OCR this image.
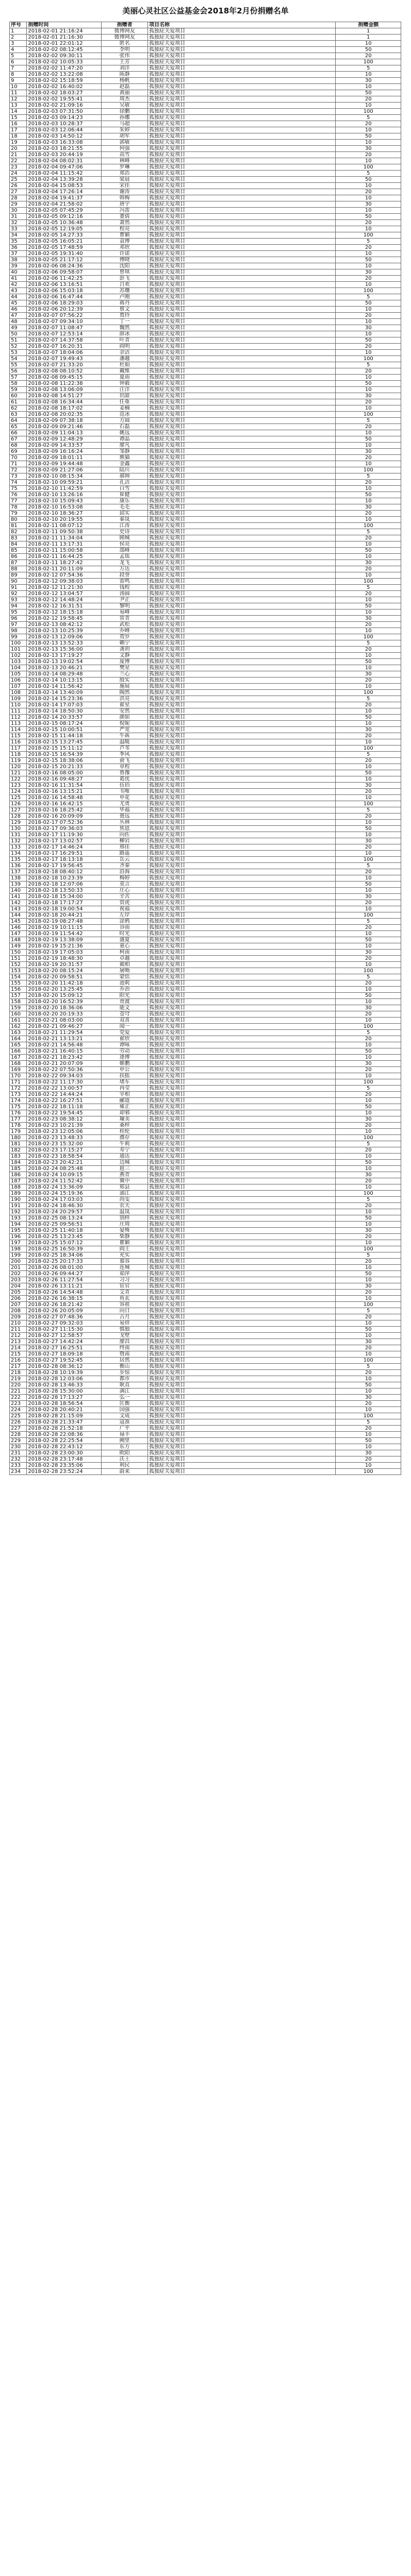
美丽心灵社区公益基金会2018年2月份捐赠名单
序号	捐赠时间	捐赠者	项目名称	捐赠金额
1	2018-02-01 21:16:24	微博网友	孤独症关爱项目	1
2	2018-02-01 21:16:30	微博网友	孤独症关爱项目	1
3	2018-02-01 22:01:12	匿名	孤独症关爱项目	10
4	2018-02-02 08:12:45	李明	孤独症关爱项目	50
5	2018-02-02 09:30:11	张伟	孤独症关爱项目	20
6	2018-02-02 10:05:33	王芳	孤独症关爱项目	100
7	2018-02-02 11:47:20	刘洋	孤独症关爱项目	5
8	2018-02-02 13:22:08	陈静	孤独症关爱项目	10
9	2018-02-02 15:18:59	杨帆	孤独症关爱项目	30
10	2018-02-02 16:40:02	赵磊	孤独症关爱项目	10
11	2018-02-02 18:03:27	黄丽	孤独症关爱项目	50
12	2018-02-02 19:55:41	周杰	孤独症关爱项目	20
13	2018-02-02 21:09:16	吴敏	孤独症关爱项目	10
14	2018-02-03 07:31:50	徐鹏	孤独症关爱项目	100
15	2018-02-03 09:14:23	孙娜	孤独症关爱项目	5
16	2018-02-03 10:28:37	马超	孤独症关爱项目	20
17	2018-02-03 12:06:44	朱婷	孤独症关爱项目	10
18	2018-02-03 14:50:12	胡军	孤独症关爱项目	50
19	2018-02-03 16:33:08	郭敏	孤独症关爱项目	10
20	2018-02-03 18:21:55	何强	孤独症关爱项目	30
21	2018-02-03 20:44:19	高雪	孤独症关爱项目	20
22	2018-02-04 08:02:31	林峰	孤独症关爱项目	10
23	2018-02-04 09:47:06	罗琳	孤独症关爱项目	100
24	2018-02-04 11:15:42	郑浩	孤独症关爱项目	5
25	2018-02-04 13:39:28	梁晨	孤独症关爱项目	50
26	2018-02-04 15:08:53	宋佳	孤独症关爱项目	10
27	2018-02-04 17:26:14	谢涛	孤独症关爱项目	20
28	2018-02-04 19:41:37	韩梅	孤独症关爱项目	10
29	2018-02-04 21:58:02	唐宇	孤独症关爱项目	30
30	2018-02-05 07:45:29	冯雷	孤独症关爱项目	10
31	2018-02-05 09:12:16	董倩	孤独症关爱项目	50
32	2018-02-05 10:36:48	萧然	孤独症关爱项目	20
33	2018-02-05 12:19:05	程亮	孤独症关爱项目	10
34	2018-02-05 14:27:33	曹颖	孤独症关爱项目	100
35	2018-02-05 16:05:21	袁博	孤独症关爱项目	5
36	2018-02-05 17:48:59	邓欣	孤独症关爱项目	20
37	2018-02-05 19:31:40	许诺	孤独症关爱项目	10
38	2018-02-05 21:17:12	傅晓	孤独症关爱项目	50
39	2018-02-06 08:24:36	沈阳	孤独症关爱项目	10
40	2018-02-06 09:58:07	曾琪	孤独症关爱项目	30
41	2018-02-06 11:42:25	彭飞	孤独症关爱项目	20
42	2018-02-06 13:16:51	吕欢	孤独症关爱项目	10
43	2018-02-06 15:03:18	苏珊	孤独症关爱项目	100
44	2018-02-06 16:47:44	卢刚	孤独症关爱项目	5
45	2018-02-06 18:29:03	蒋丹	孤独症关爱项目	50
46	2018-02-06 20:12:39	蔡文	孤独症关爱项目	10
47	2018-02-07 07:56:22	贾玲	孤独症关爱项目	20
48	2018-02-07 09:34:10	丁一	孤独症关爱项目	10
49	2018-02-07 11:08:47	魏然	孤独症关爱项目	30
50	2018-02-07 12:53:14	薛冰	孤独症关爱项目	10
51	2018-02-07 14:37:58	叶青	孤独症关爱项目	50
52	2018-02-07 16:20:31	阎明	孤独症关爱项目	20
53	2018-02-07 18:04:06	余洁	孤独症关爱项目	10
54	2018-02-07 19:49:43	潘越	孤独症关爱项目	100
55	2018-02-07 21:33:20	杜娟	孤独症关爱项目	5
56	2018-02-08 08:10:52	戴维	孤独症关爱项目	20
57	2018-02-08 09:45:15	夏雨	孤独症关爱项目	10
58	2018-02-08 11:22:38	钟毅	孤独症关爱项目	50
59	2018-02-08 13:06:09	汪洋	孤独症关爱项目	10
60	2018-02-08 14:51:27	田甜	孤独症关爱项目	30
61	2018-02-08 16:34:44	任重	孤独症关爱项目	20
62	2018-02-08 18:17:02	姜楠	孤独症关爱项目	10
63	2018-02-08 20:02:35	范冰	孤独症关爱项目	100
64	2018-02-09 07:38:18	方圆	孤独症关爱项目	5
65	2018-02-09 09:21:46	石磊	孤独症关爱项目	20
66	2018-02-09 11:04:13	姚远	孤独症关爱项目	10
67	2018-02-09 12:48:29	谭晶	孤独症关爱项目	50
68	2018-02-09 14:33:57	廖凡	孤独症关爱项目	10
69	2018-02-09 16:16:24	邹静	孤独症关爱项目	30
70	2018-02-09 18:01:11	熊猫	孤独症关爱项目	20
71	2018-02-09 19:44:48	金鑫	孤独症关爱项目	10
72	2018-02-09 21:27:06	陆川	孤独症关爱项目	100
73	2018-02-10 08:15:34	郝帅	孤独症关爱项目	5
74	2018-02-10 09:59:21	孔洁	孤独症关爱项目	20
75	2018-02-10 11:42:59	白雪	孤独症关爱项目	10
76	2018-02-10 13:26:16	崔健	孤独症关爱项目	50
77	2018-02-10 15:09:43	康乐	孤独症关爱项目	10
78	2018-02-10 16:53:08	毛毛	孤独症关爱项目	30
79	2018-02-10 18:36:27	邱实	孤独症关爱项目	20
80	2018-02-10 20:19:55	秦岚	孤独症关爱项目	10
81	2018-02-11 08:07:12	江涛	孤独症关爱项目	100
82	2018-02-11 09:50:38	史诗	孤独症关爱项目	5
83	2018-02-11 11:34:04	顾城	孤独症关爱项目	20
84	2018-02-11 13:17:31	侯亮	孤独症关爱项目	10
85	2018-02-11 15:00:58	邵峰	孤独症关爱项目	50
86	2018-02-11 16:44:25	孟瑶	孤独症关爱项目	10
87	2018-02-11 18:27:42	龙飞	孤独症关爱项目	30
88	2018-02-11 20:11:09	万达	孤独症关爱项目	20
89	2018-02-12 07:54:36	段誉	孤独症关爱项目	10
90	2018-02-12 09:38:03	雷鸣	孤独症关爱项目	100
91	2018-02-12 11:21:30	钱程	孤独症关爱项目	5
92	2018-02-12 13:04:57	汤圆	孤独症关爱项目	20
93	2018-02-12 14:48:24	尹正	孤独症关爱项目	10
94	2018-02-12 16:31:51	黎明	孤独症关爱项目	50
95	2018-02-12 18:15:18	易峰	孤独症关爱项目	10
96	2018-02-12 19:58:45	常青	孤独症关爱项目	30
97	2018-02-13 08:42:12	武松	孤独症关爱项目	20
98	2018-02-13 10:25:39	乔峰	孤独症关爱项目	10
99	2018-02-13 12:09:06	贺岁	孤独症关爱项目	100
100	2018-02-13 13:52:33	赖宁	孤独症关爱项目	5
101	2018-02-13 15:36:00	龚玥	孤独症关爱项目	20
102	2018-02-13 17:19:27	文静	孤独症关爱项目	10
103	2018-02-13 19:02:54	庞博	孤独症关爱项目	50
104	2018-02-13 20:46:21	樊星	孤独症关爱项目	10
105	2018-02-14 08:29:48	兰心	孤独症关爱项目	30
106	2018-02-14 10:13:15	殷实	孤独症关爱项目	20
107	2018-02-14 11:56:42	施展	孤独症关爱项目	10
108	2018-02-14 13:40:09	陶然	孤独症关爱项目	100
109	2018-02-14 15:23:36	洪亮	孤独症关爱项目	5
110	2018-02-14 17:07:03	翟星	孤独症关爱项目	20
111	2018-02-14 18:50:30	安然	孤独症关爱项目	10
112	2018-02-14 20:33:57	颜如	孤独症关爱项目	50
113	2018-02-15 08:17:24	倪妮	孤独症关爱项目	10
114	2018-02-15 10:00:51	严宽	孤独症关爱项目	30
115	2018-02-15 11:44:18	牛犇	孤独症关爱项目	20
116	2018-02-15 13:27:45	温暖	孤独症关爱项目	10
117	2018-02-15 15:11:12	芦苇	孤独症关爱项目	100
118	2018-02-15 16:54:39	季风	孤独症关爱项目	5
119	2018-02-15 18:38:06	俞飞	孤独症关爱项目	20
120	2018-02-15 20:21:33	章程	孤独症关爱项目	10
121	2018-02-16 08:05:00	鲁豫	孤独症关爱项目	50
122	2018-02-16 09:48:27	葛优	孤独症关爱项目	10
123	2018-02-16 11:31:54	伍佰	孤独症关爱项目	30
124	2018-02-16 13:15:21	韦唯	孤独症关爱项目	20
125	2018-02-16 14:58:48	申花	孤独症关爱项目	10
126	2018-02-16 16:42:15	尤勇	孤独症关爱项目	100
127	2018-02-16 18:25:42	毕福	孤独症关爱项目	5
128	2018-02-16 20:09:09	聂远	孤独症关爱项目	20
129	2018-02-17 07:52:36	丛林	孤独症关爱项目	10
130	2018-02-17 09:36:03	焦恩	孤独症关爱项目	50
131	2018-02-17 11:19:30	向佐	孤独症关爱项目	10
132	2018-02-17 13:02:57	柳岩	孤独症关爱项目	30
133	2018-02-17 14:46:24	邢佳	孤独症关爱项目	20
134	2018-02-17 16:29:51	路遥	孤独症关爱项目	10
135	2018-02-17 18:13:18	岳云	孤独症关爱项目	100
136	2018-02-17 19:56:45	齐秦	孤独症关爱项目	5
137	2018-02-18 08:40:12	沿海	孤独症关爱项目	20
138	2018-02-18 10:23:39	梅婷	孤独症关爱项目	10
139	2018-02-18 12:07:06	莫言	孤独症关爱项目	50
140	2018-02-18 13:50:33	庄心	孤独症关爱项目	10
141	2018-02-18 15:34:00	辛苦	孤独症关爱项目	30
142	2018-02-18 17:17:27	管虎	孤独症关爱项目	20
143	2018-02-18 19:00:54	祝福	孤独症关爱项目	10
144	2018-02-18 20:44:21	左岸	孤独症关爱项目	100
145	2018-02-19 08:27:48	涂鸦	孤独症关爱项目	5
146	2018-02-19 10:11:15	谷雨	孤独症关爱项目	20
147	2018-02-19 11:54:42	时光	孤独症关爱项目	10
148	2018-02-19 13:38:09	盛夏	孤独症关爱项目	50
149	2018-02-19 15:21:36	童心	孤独症关爱项目	10
150	2018-02-19 17:05:03	柯南	孤独症关爱项目	30
151	2018-02-19 18:48:30	卓越	孤独症关爱项目	20
152	2018-02-19 20:31:57	蔺相	孤独症关爱项目	10
153	2018-02-20 08:15:24	屠呦	孤独症关爱项目	100
154	2018-02-20 09:58:51	蒙恬	孤独症关爱项目	5
155	2018-02-20 11:42:18	池莉	孤独症关爱项目	20
156	2018-02-20 13:25:45	乔治	孤独症关爱项目	10
157	2018-02-20 15:09:12	阳光	孤独症关爱项目	50
158	2018-02-20 16:52:39	胥渡	孤独症关爱项目	10
159	2018-02-20 18:36:06	能文	孤独症关爱项目	30
160	2018-02-20 20:19:33	苍穹	孤独症关爱项目	20
161	2018-02-21 08:03:00	双喜	孤独症关爱项目	10
162	2018-02-21 09:46:27	闻一	孤独症关爱项目	100
163	2018-02-21 11:29:54	党爱	孤独症关爱项目	5
164	2018-02-21 13:13:21	翟欣	孤独症关爱项目	20
165	2018-02-21 14:56:48	谭咏	孤独症关爱项目	10
166	2018-02-21 16:40:15	劳动	孤独症关爱项目	50
167	2018-02-21 18:23:42	逄博	孤独症关爱项目	10
168	2018-02-21 20:07:09	姬鹏	孤独症关爱项目	30
169	2018-02-22 07:50:36	申公	孤独症关爱项目	20
170	2018-02-22 09:34:03	扶摇	孤独症关爱项目	10
171	2018-02-22 11:17:30	堵车	孤独症关爱项目	100
172	2018-02-22 13:00:57	冉莹	孤独症关爱项目	5
173	2018-02-22 14:44:24	宰相	孤独症关爱项目	20
174	2018-02-22 16:27:51	郦道	孤独症关爱项目	10
175	2018-02-22 18:11:18	雍正	孤独症关爱项目	50
176	2018-02-22 19:54:45	却邪	孤独症关爱项目	10
177	2018-02-23 08:38:12	璩美	孤独症关爱项目	30
178	2018-02-23 10:21:39	桑梓	孤独症关爱项目	20
179	2018-02-23 12:05:06	桂纶	孤独症关爱项目	10
180	2018-02-23 13:48:33	濮存	孤独症关爱项目	100
181	2018-02-23 15:32:00	牛莉	孤独症关爱项目	5
182	2018-02-23 17:15:27	寿宁	孤独症关爱项目	20
183	2018-02-23 18:58:54	通达	孤独症关爱项目	10
184	2018-02-23 20:42:21	边城	孤独症关爱项目	50
185	2018-02-24 08:25:48	扈三	孤独症关爱项目	10
186	2018-02-24 10:09:15	燕青	孤独症关爱项目	30
187	2018-02-24 11:52:42	冀中	孤独症关爱项目	20
188	2018-02-24 13:36:09	郏县	孤独症关爱项目	10
189	2018-02-24 15:19:36	浦江	孤独症关爱项目	100
190	2018-02-24 17:03:03	尚雯	孤独症关爱项目	5
191	2018-02-24 18:46:30	农夫	孤独症关爱项目	20
192	2018-02-24 20:29:57	温岚	孤独症关爱项目	10
193	2018-02-25 08:13:24	别样	孤独症关爱项目	50
194	2018-02-25 09:56:51	庄周	孤独症关爱项目	10
195	2018-02-25 11:40:18	晏殊	孤独症关爱项目	30
196	2018-02-25 13:23:45	柴静	孤独症关爱项目	20
197	2018-02-25 15:07:12	瞿颖	孤独症关爱项目	10
198	2018-02-25 16:50:39	阎王	孤独症关爱项目	100
199	2018-02-25 18:34:06	充实	孤独症关爱项目	5
200	2018-02-25 20:17:33	慕容	孤独症关爱项目	20
201	2018-02-26 08:01:00	连城	孤独症关爱项目	10
202	2018-02-26 09:44:27	茹萍	孤独症关爱项目	50
203	2018-02-26 11:27:54	习习	孤独症关爱项目	10
204	2018-02-26 13:11:21	宦官	孤独症关爱项目	30
205	2018-02-26 14:54:48	艾青	孤独症关爱项目	20
206	2018-02-26 16:38:15	鱼玄	孤独症关爱项目	10
207	2018-02-26 18:21:42	容祖	孤独症关爱项目	100
208	2018-02-26 20:05:09	向日	孤独症关爱项目	5
209	2018-02-27 07:48:36	古月	孤独症关爱项目	20
210	2018-02-27 09:32:03	易烊	孤独症关爱项目	10
211	2018-02-27 11:15:30	慎独	孤独症关爱项目	50
212	2018-02-27 12:58:57	戈壁	孤独症关爱项目	10
213	2018-02-27 14:42:24	廖昌	孤独症关爱项目	30
214	2018-02-27 16:25:51	终南	孤独症关爱项目	20
215	2018-02-27 18:09:18	暨南	孤独症关爱项目	10
216	2018-02-27 19:52:45	居然	孤独症关爱项目	100
217	2018-02-28 08:36:12	衡山	孤独症关爱项目	5
218	2018-02-28 10:19:39	步惊	孤独症关爱项目	20
219	2018-02-28 12:03:06	都市	孤独症关爱项目	10
220	2018-02-28 13:46:33	耿直	孤独症关爱项目	50
221	2018-02-28 15:30:00	满江	孤独症关爱项目	10
222	2018-02-28 17:13:27	弘一	孤独症关爱项目	30
223	2018-02-28 18:56:54	匡衡	孤独症关爱项目	20
224	2018-02-28 20:40:21	国强	孤独症关爱项目	10
225	2018-02-28 21:15:09	文成	孤独症关爱项目	100
226	2018-02-28 21:33:47	寇准	孤独症关爱项目	5
227	2018-02-28 21:52:18	广平	孤独症关爱项目	20
228	2018-02-28 22:08:36	禄丰	孤独症关爱项目	10
229	2018-02-28 22:25:54	阙里	孤独症关爱项目	50
230	2018-02-28 22:43:12	东方	孤独症关爱项目	10
231	2018-02-28 23:00:30	欧阳	孤独症关爱项目	30
232	2018-02-28 23:17:48	沃土	孤独症关爱项目	20
233	2018-02-28 23:35:06	利民	孤独症关爱项目	10
234	2018-02-28 23:52:24	蔚来	孤独症关爱项目	100
